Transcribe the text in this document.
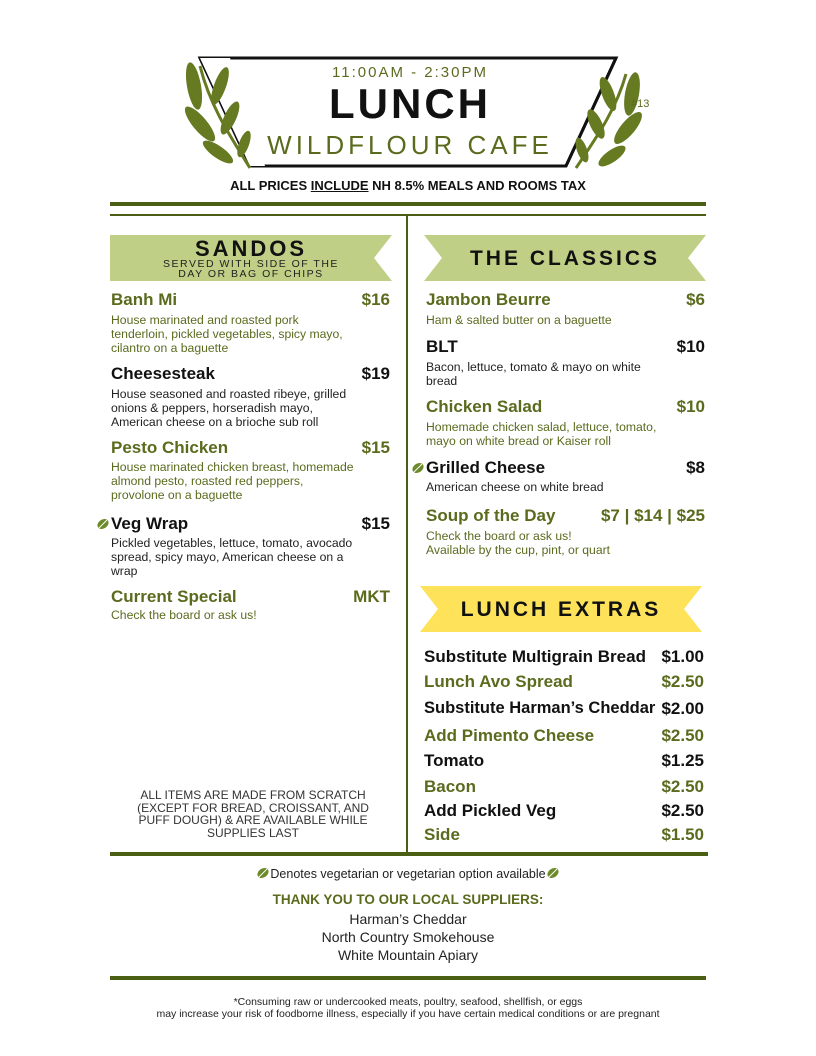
11:00AM - 2:30PM
LUNCH
WILDFLOUR CAFE
#13
ALL PRICES INCLUDE NH 8.5% MEALS AND ROOMS TAX
SANDOS
SERVED WITH SIDE OF THE
DAY OR BAG OF CHIPS
Banh Mi	$16
House marinated and roasted pork
tenderloin, pickled vegetables, spicy mayo,
cilantro on a baguette
Cheesesteak	$19
House seasoned and roasted ribeye, grilled
onions & peppers, horseradish mayo,
American cheese on a brioche sub roll
Pesto Chicken	$15
House marinated chicken breast, homemade
almond pesto, roasted red peppers,
provolone on a baguette
Veg Wrap	$15
Pickled vegetables, lettuce, tomato, avocado
spread, spicy mayo, American cheese on a
wrap
Current Special	MKT
Check the board or ask us!
ALL ITEMS ARE MADE FROM SCRATCH
(EXCEPT FOR BREAD, CROISSANT, AND
PUFF DOUGH) & ARE AVAILABLE WHILE
SUPPLIES LAST
THE CLASSICS
Jambon Beurre	$6
Ham & salted butter on a baguette
BLT	$10
Bacon, lettuce, tomato & mayo on white
bread
Chicken Salad	$10
Homemade chicken salad, lettuce, tomato,
mayo on white bread or Kaiser roll
Grilled Cheese	$8
American cheese on white bread
Soup of the Day	$7 | $14 | $25
Check the board or ask us!
Available by the cup, pint, or quart
LUNCH EXTRAS
Substitute Multigrain Bread $1.00
Lunch Avo Spread	$2.50
Substitute Harman’s Cheddar $2.00
Add Pimento Cheese	$2.50
Tomato	$1.25
Bacon	$2.50
Add Pickled Veg	$2.50
Side	$1.50
Denotes vegetarian or vegetarian option available
THANK YOU TO OUR LOCAL SUPPLIERS:
Harman’s Cheddar
North Country Smokehouse
White Mountain Apiary
*Consuming raw or undercooked meats, poultry, seafood, shellfish, or eggs
may increase your risk of foodborne illness, especially if you have certain medical conditions or are pregnant
